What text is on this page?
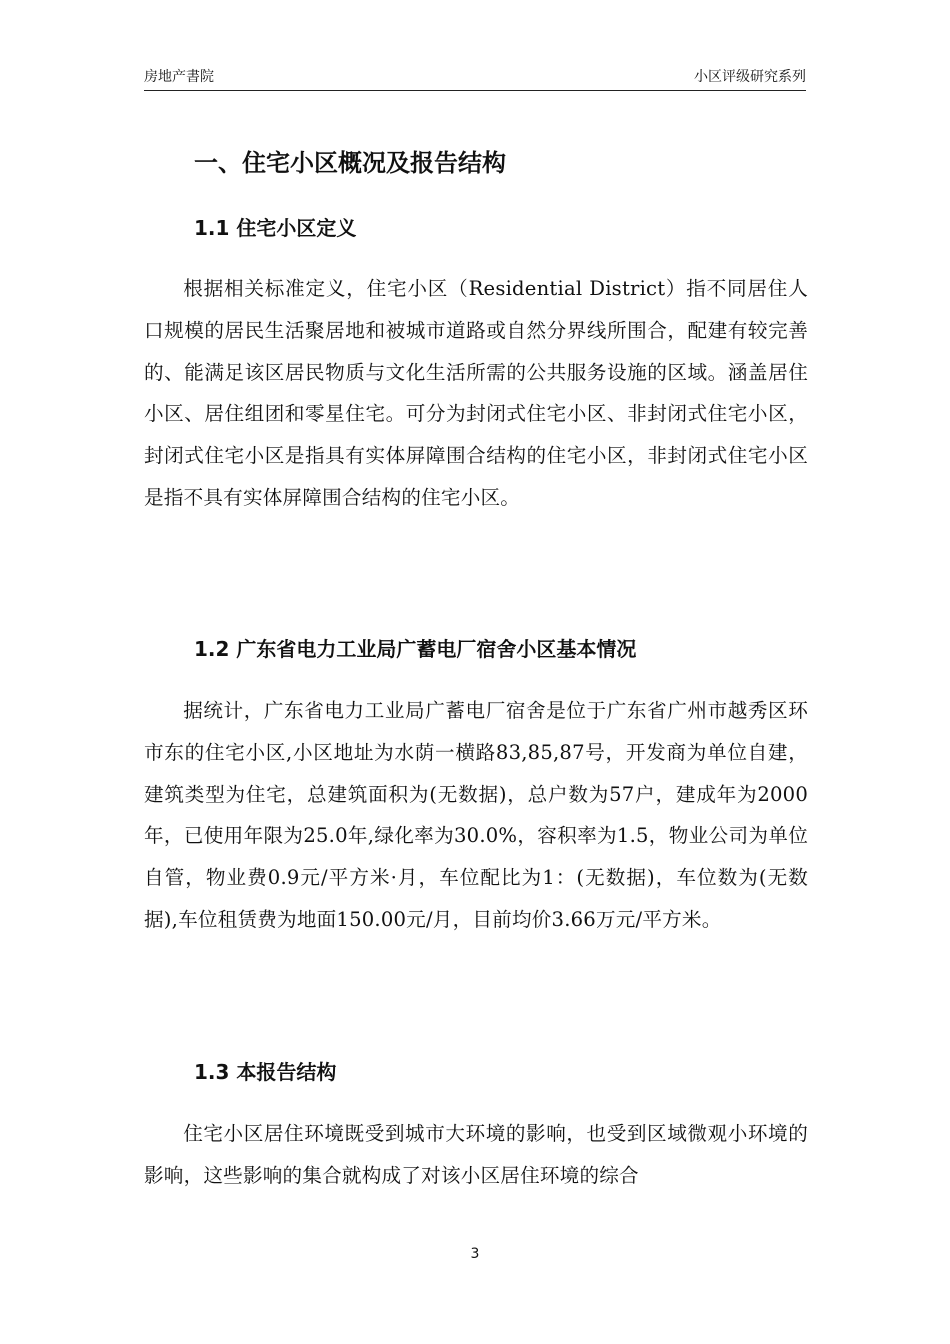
房地产書院	小区评级研究系列
一、住宅小区概况及报告结构
1.1 住宅小区定义

根据相关标准定义，住宅小区（Residential District）指不同居住人口规模的居民生活聚居地和被城市道路或自然分界线所围合，配建有较完善的、能满足该区居民物质与文化生活所需的公共服务设施的区域。涵盖居住小区、居住组团和零星住宅。可分为封闭式住宅小区、非封闭式住宅小区，封闭式住宅小区是指具有实体屏障围合结构的住宅小区，非封闭式住宅小区是指不具有实体屏障围合结构的住宅小区。

1.2 广东省电力工业局广蓄电厂宿舍小区基本情况

据统计，广东省电力工业局广蓄电厂宿舍是位于广东省广州市越秀区环市东的住宅小区,小区地址为水荫一横路83,85,87号，开发商为单位自建，建筑类型为住宅，总建筑面积为(无数据)，总户数为57户，建成年为2000年，已使用年限为25.0年,绿化率为30.0%，容积率为1.5，物业公司为单位自管，物业费0.9元/平方米·月，车位配比为1：(无数据)，车位数为(无数据),车位租赁费为地面150.00元/月，目前均价3.66万元/平方米。

1.3 本报告结构

住宅小区居住环境既受到城市大环境的影响，也受到区域微观小环境的影响，这些影响的集合就构成了对该小区居住环境的综合

3
